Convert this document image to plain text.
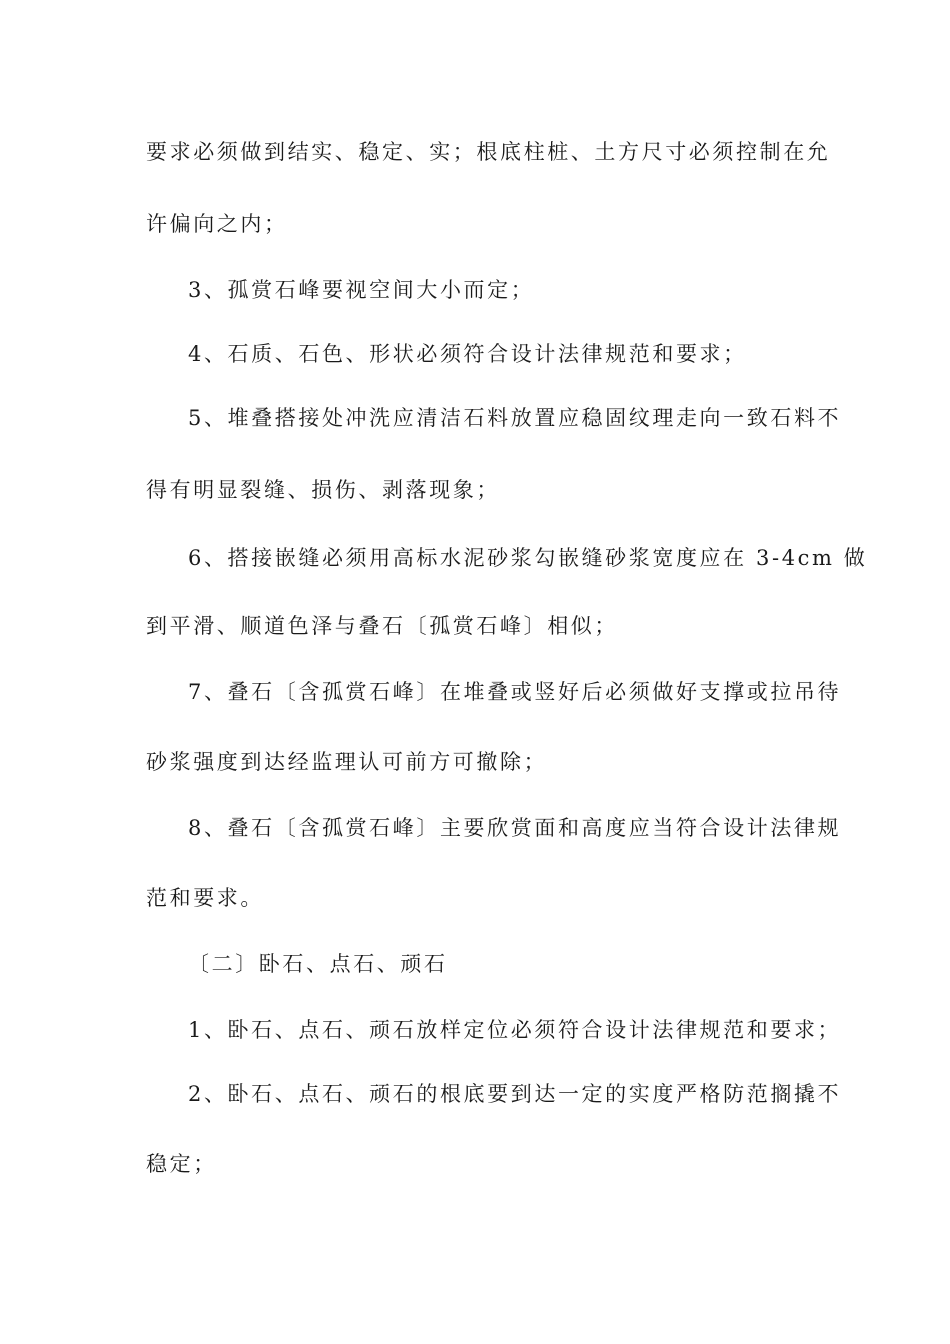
要求必须做到结实、稳定、实；根底柱桩、土方尺寸必须控制在允
许偏向之内；
3、孤赏石峰要视空间大小而定；
4、石质、石色、形状必须符合设计法律规范和要求；
5、堆叠搭接处冲洗应清洁石料放置应稳固纹理走向一致石料不
得有明显裂缝、损伤、剥落现象；
6、搭接嵌缝必须用高标水泥砂浆勾嵌缝砂浆宽度应在 3-4cm 做
到平滑、顺道色泽与叠石〔孤赏石峰〕相似；
7、叠石〔含孤赏石峰〕在堆叠或竖好后必须做好支撑或拉吊待
砂浆强度到达经监理认可前方可撤除；
8、叠石〔含孤赏石峰〕主要欣赏面和高度应当符合设计法律规
范和要求。
〔二〕卧石、点石、顽石
1、卧石、点石、顽石放样定位必须符合设计法律规范和要求；
2、卧石、点石、顽石的根底要到达一定的实度严格防范搁撬不
稳定；
